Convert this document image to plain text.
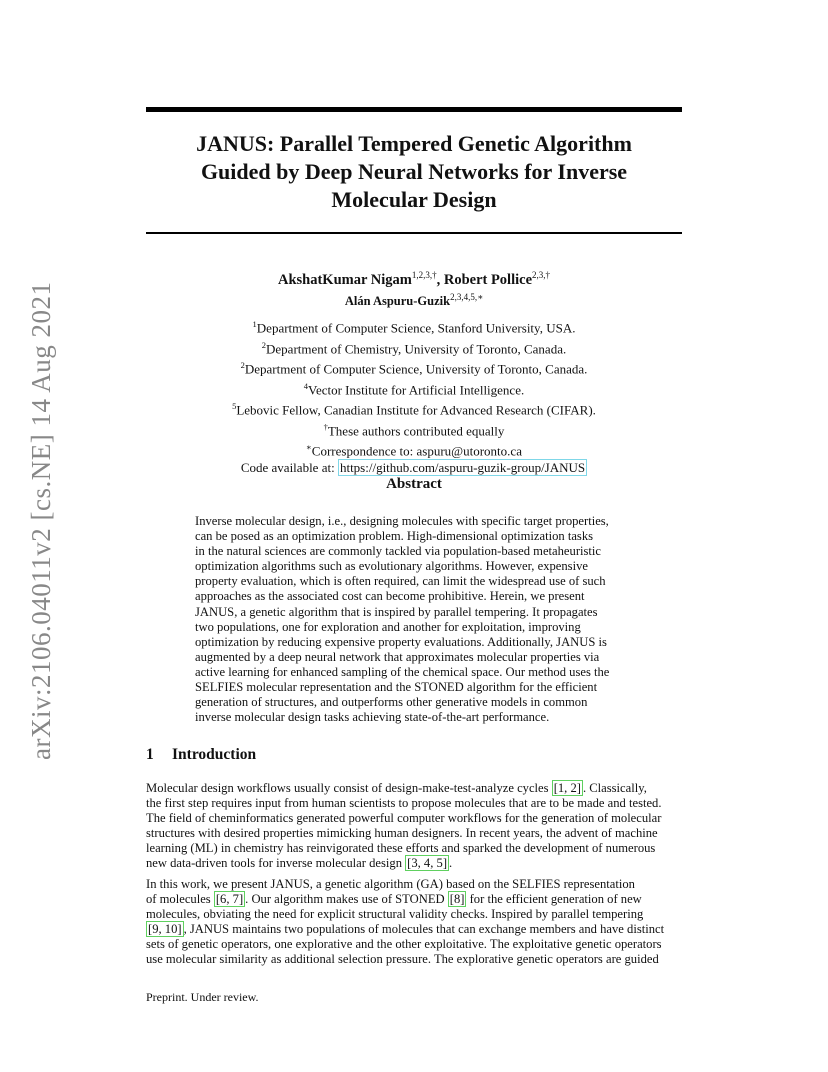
arXiv:2106.04011v2 [cs.NE] 14 Aug 2021
JANUS: Parallel Tempered Genetic Algorithm
Guided by Deep Neural Networks for Inverse
Molecular Design
AkshatKumar Nigam$^{1,2,3,\dagger}$, Robert Pollice$^{2,3,\dagger}$
Alán Aspuru-Guzik$^{2,3,4,5,∗}$
$^1$Department of Computer Science, Stanford University, USA.
$^2$Department of Chemistry, University of Toronto, Canada.
$^2$Department of Computer Science, University of Toronto, Canada.
$^4$Vector Institute for Artificial Intelligence.
$^5$Lebovic Fellow, Canadian Institute for Advanced Research (CIFAR).
†These authors contributed equally
∗Correspondence to: aspuru@utoronto.ca
Code available at: https://github.com/aspuru-guzik-group/JANUS
Abstract
Inverse molecular design, i.e., designing molecules with specific target properties,
can be posed as an optimization problem. High-dimensional optimization tasks
in the natural sciences are commonly tackled via population-based metaheuristic
optimization algorithms such as evolutionary algorithms. However, expensive
property evaluation, which is often required, can limit the widespread use of such
approaches as the associated cost can become prohibitive. Herein, we present
JANUS, a genetic algorithm that is inspired by parallel tempering. It propagates
two populations, one for exploration and another for exploitation, improving
optimization by reducing expensive property evaluations. Additionally, JANUS is
augmented by a deep neural network that approximates molecular properties via
active learning for enhanced sampling of the chemical space. Our method uses the
SELFIES molecular representation and the STONED algorithm for the efficient
generation of structures, and outperforms other generative models in common
inverse molecular design tasks achieving state-of-the-art performance.
1 Introduction
Molecular design workflows usually consist of design-make-test-analyze cycles [1, 2] . Classically,
the first step requires input from human scientists to propose molecules that are to be made and tested.
The field of cheminformatics generated powerful computer workflows for the generation of molecular
structures with desired properties mimicking human designers. In recent years, the advent of machine
learning (ML) in chemistry has reinvigorated these efforts and sparked the development of numerous
new data-driven tools for inverse molecular design [3, 4, 5] .
In this work, we present JANUS, a genetic algorithm (GA) based on the SELFIES representation
of molecules [6, 7] . Our algorithm makes use of STONED [8] for the efficient generation of new
molecules, obviating the need for explicit structural validity checks. Inspired by parallel tempering
[9, 10] , JANUS maintains two populations of molecules that can exchange members and have distinct
sets of genetic operators, one explorative and the other exploitative. The exploitative genetic operators
use molecular similarity as additional selection pressure. The explorative genetic operators are guided
Preprint. Under review.
